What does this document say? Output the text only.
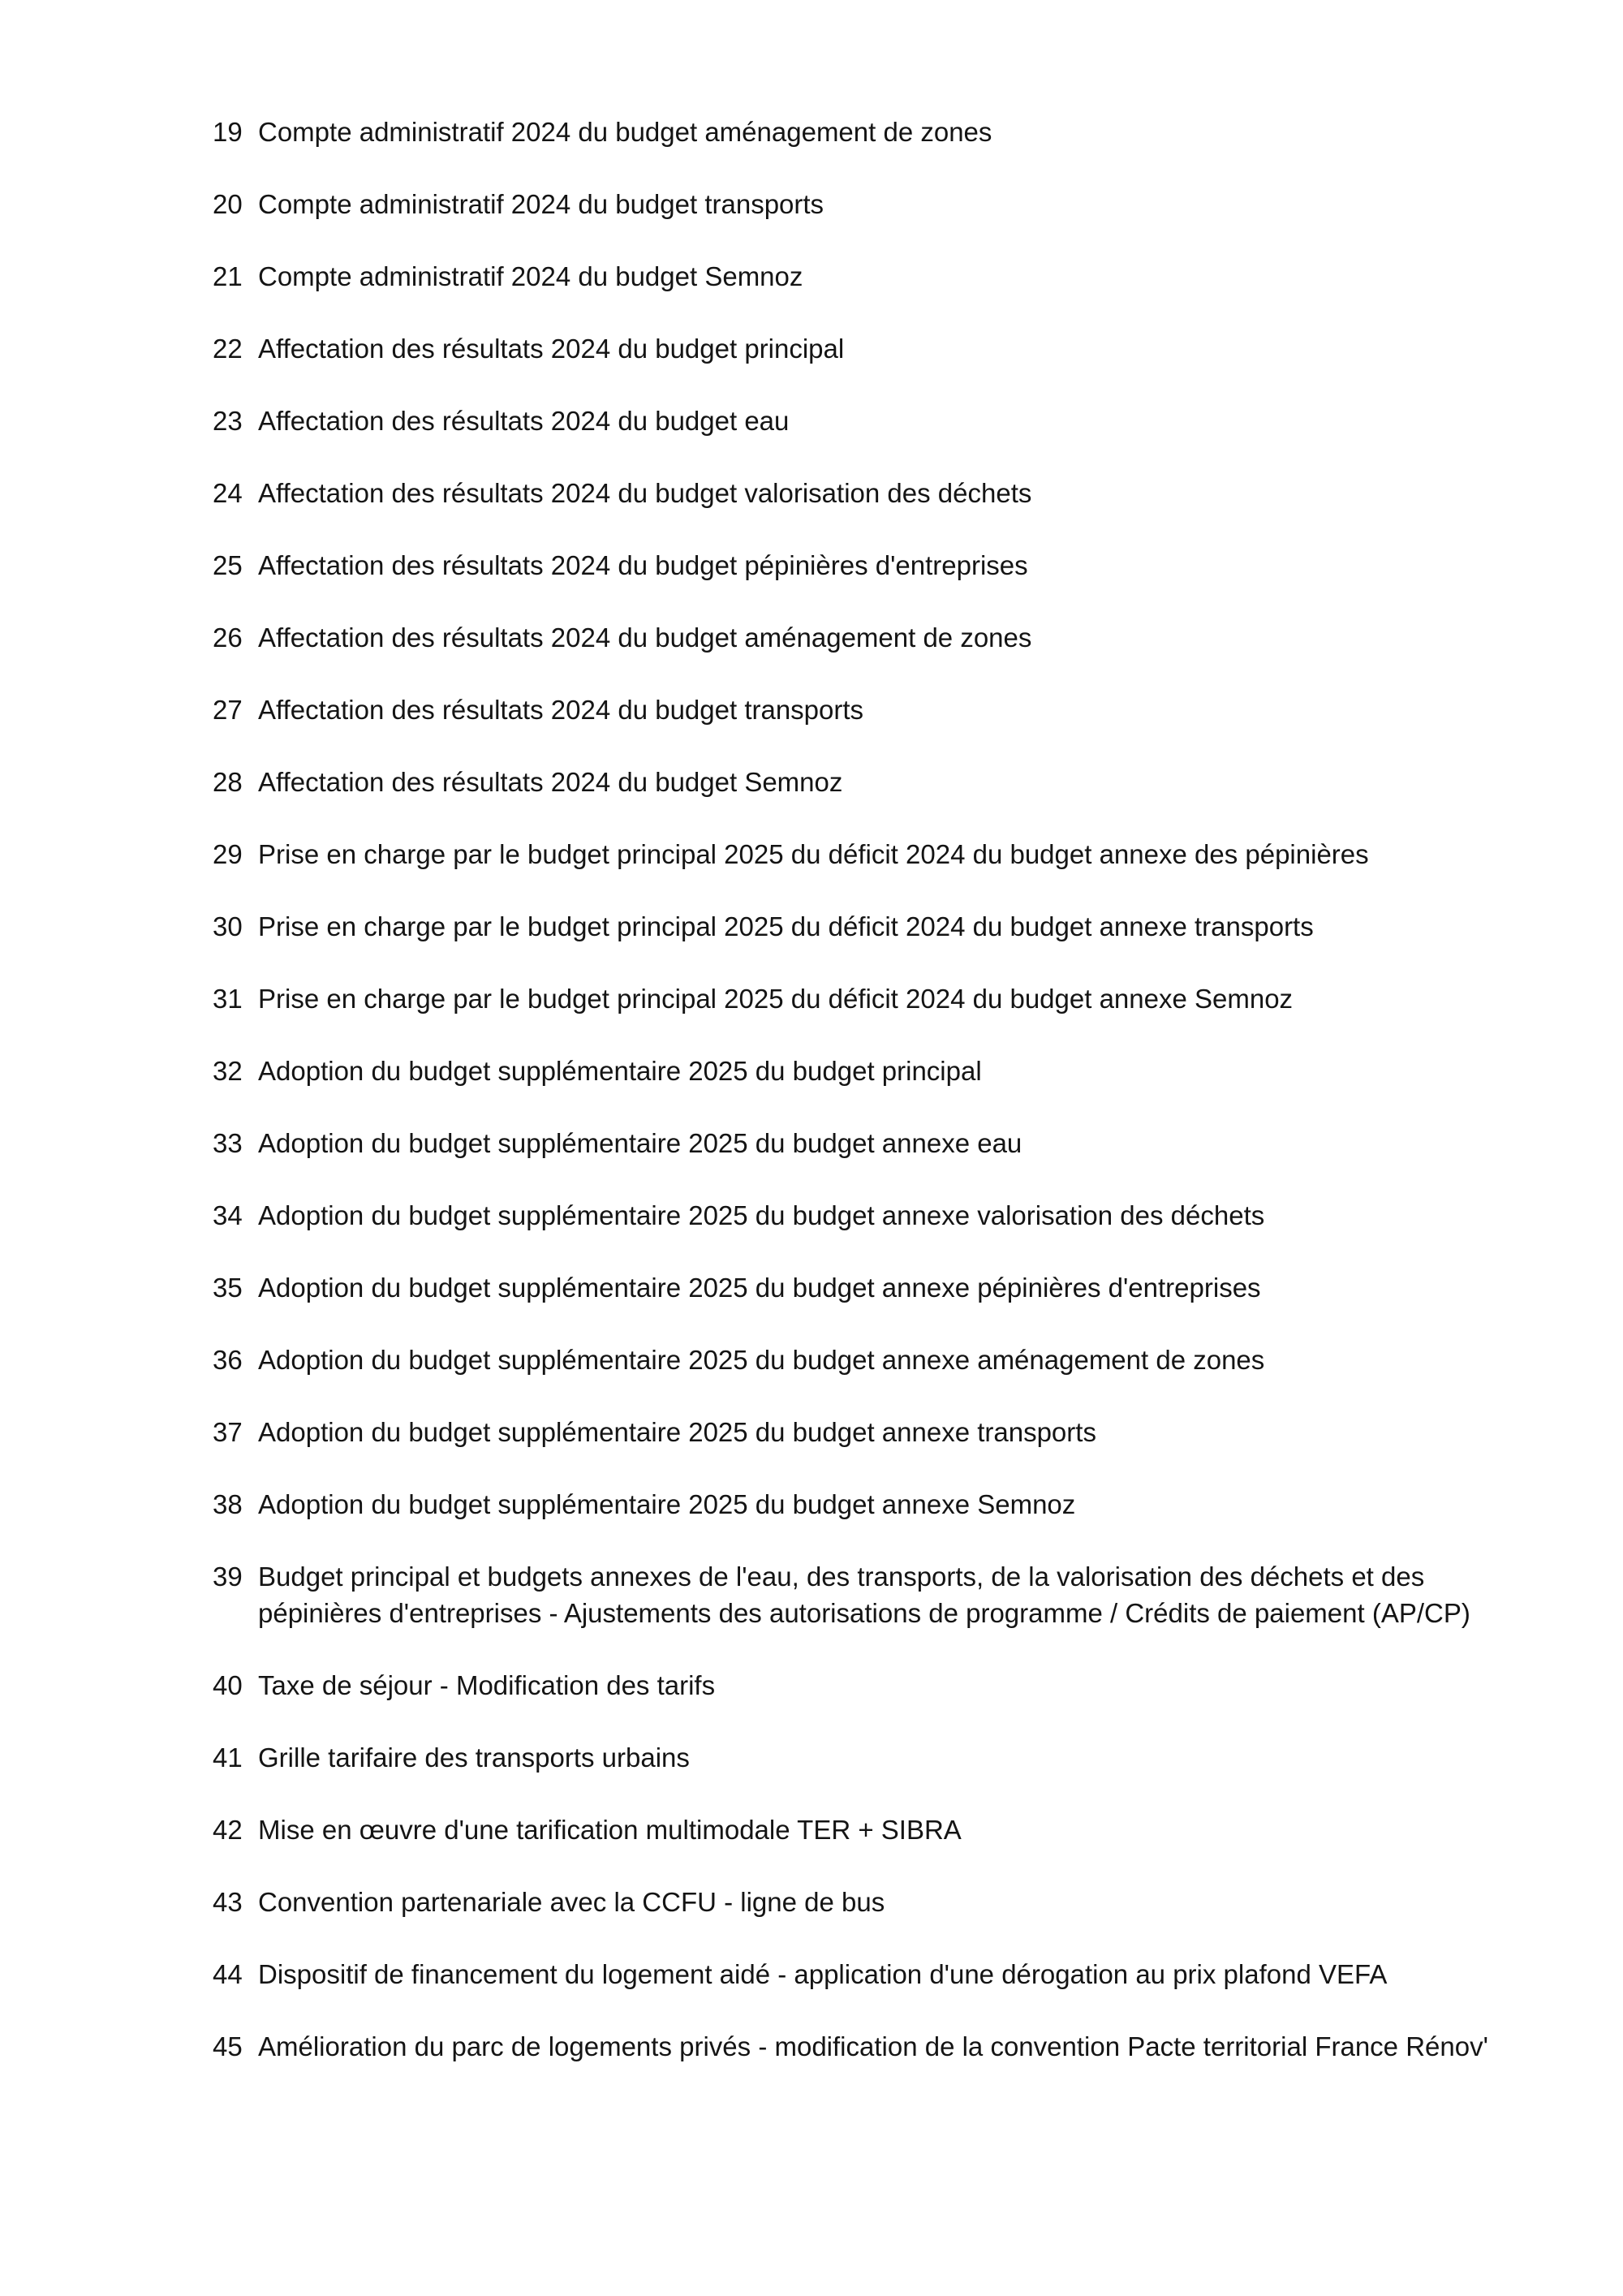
19 Compte administratif 2024 du budget aménagement de zones
20 Compte administratif 2024 du budget transports
21 Compte administratif 2024 du budget Semnoz
22 Affectation des résultats 2024 du budget principal
23 Affectation des résultats 2024 du budget eau
24 Affectation des résultats 2024 du budget valorisation des déchets
25 Affectation des résultats 2024 du budget pépinières d'entreprises
26 Affectation des résultats 2024 du budget aménagement de zones
27 Affectation des résultats 2024 du budget transports
28 Affectation des résultats 2024 du budget Semnoz
29 Prise en charge par le budget principal 2025 du déficit 2024 du budget annexe des pépinières
30 Prise en charge par le budget principal 2025 du déficit 2024 du budget annexe transports
31 Prise en charge par le budget principal 2025 du déficit 2024 du budget annexe Semnoz
32 Adoption du budget supplémentaire 2025 du budget principal
33 Adoption du budget supplémentaire 2025 du budget annexe eau
34 Adoption du budget supplémentaire 2025 du budget annexe valorisation des déchets
35 Adoption du budget supplémentaire 2025 du budget annexe pépinières d'entreprises
36 Adoption du budget supplémentaire 2025 du budget annexe aménagement de zones
37 Adoption du budget supplémentaire 2025 du budget annexe transports
38 Adoption du budget supplémentaire 2025 du budget annexe Semnoz
39 Budget principal et budgets annexes de l'eau, des transports, de la valorisation des déchets et des pépinières d'entreprises - Ajustements des autorisations de programme / Crédits de paiement (AP/CP)
40 Taxe de séjour - Modification des tarifs
41 Grille tarifaire des transports urbains
42 Mise en œuvre d'une tarification multimodale TER + SIBRA
43 Convention partenariale avec la CCFU - ligne de bus
44 Dispositif de financement du logement aidé - application d'une dérogation au prix plafond VEFA
45 Amélioration du parc de logements privés - modification de la convention Pacte territorial France Rénov'
